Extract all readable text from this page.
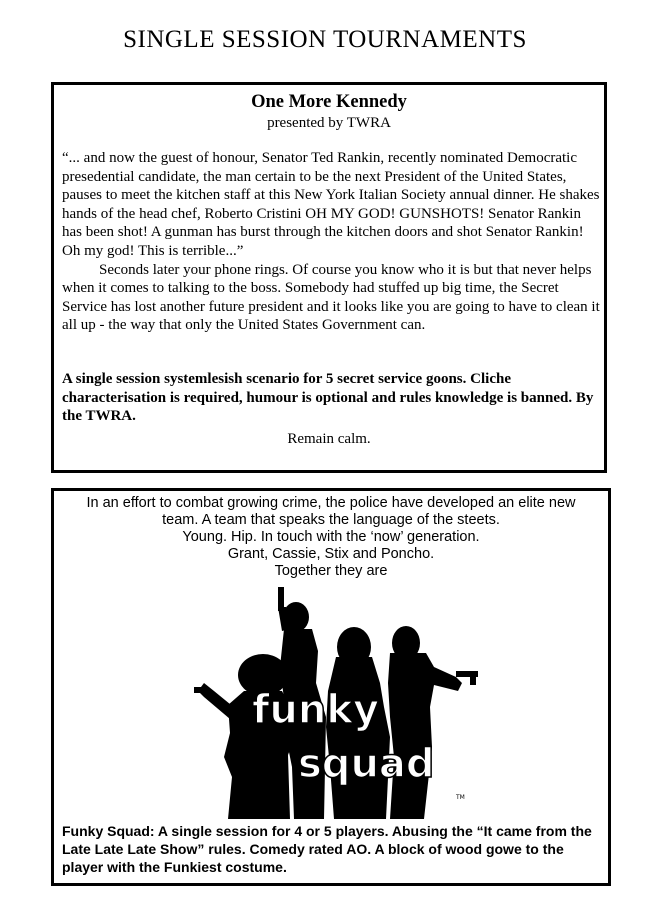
SINGLE SESSION TOURNAMENTS
One More Kennedy
presented by TWRA

“... and now the guest of honour, Senator Ted Rankin, recently nominated Democratic presedential candidate, the man certain to be the next President of the United States, pauses to meet the kitchen staff at this New York Italian Society annual dinner. He shakes hands of the head chef, Roberto Cristini OH MY GOD! GUNSHOTS! Senator Rankin has been shot! A gunman has burst through the kitchen doors and shot Senator Rankin! Oh my god! This is terrible...”

Seconds later your phone rings. Of course you know who it is but that never helps when it comes to talking to the boss. Somebody had stuffed up big time, the Secret Service has lost another future president and it looks like you are going to have to clean it all up - the way that only the United States Government can.

A single session systemlesish scenario for 5 secret service goons. Cliche characterisation is required, humour is optional and rules knowledge is banned. By the TWRA.
Remain calm.
In an effort to combat growing crime, the police have developed an elite new
team. A team that speaks the language of the steets.
Young. Hip. In touch with the ‘now’ generation.
Grant, Cassie, Stix and Poncho.
Together they are
funky
squad
TM
Funky Squad: A single session for 4 or 5 players. Abusing the “It came from the Late Late Late Show” rules. Comedy rated AO. A block of wood gowe to the player with the Funkiest costume.
